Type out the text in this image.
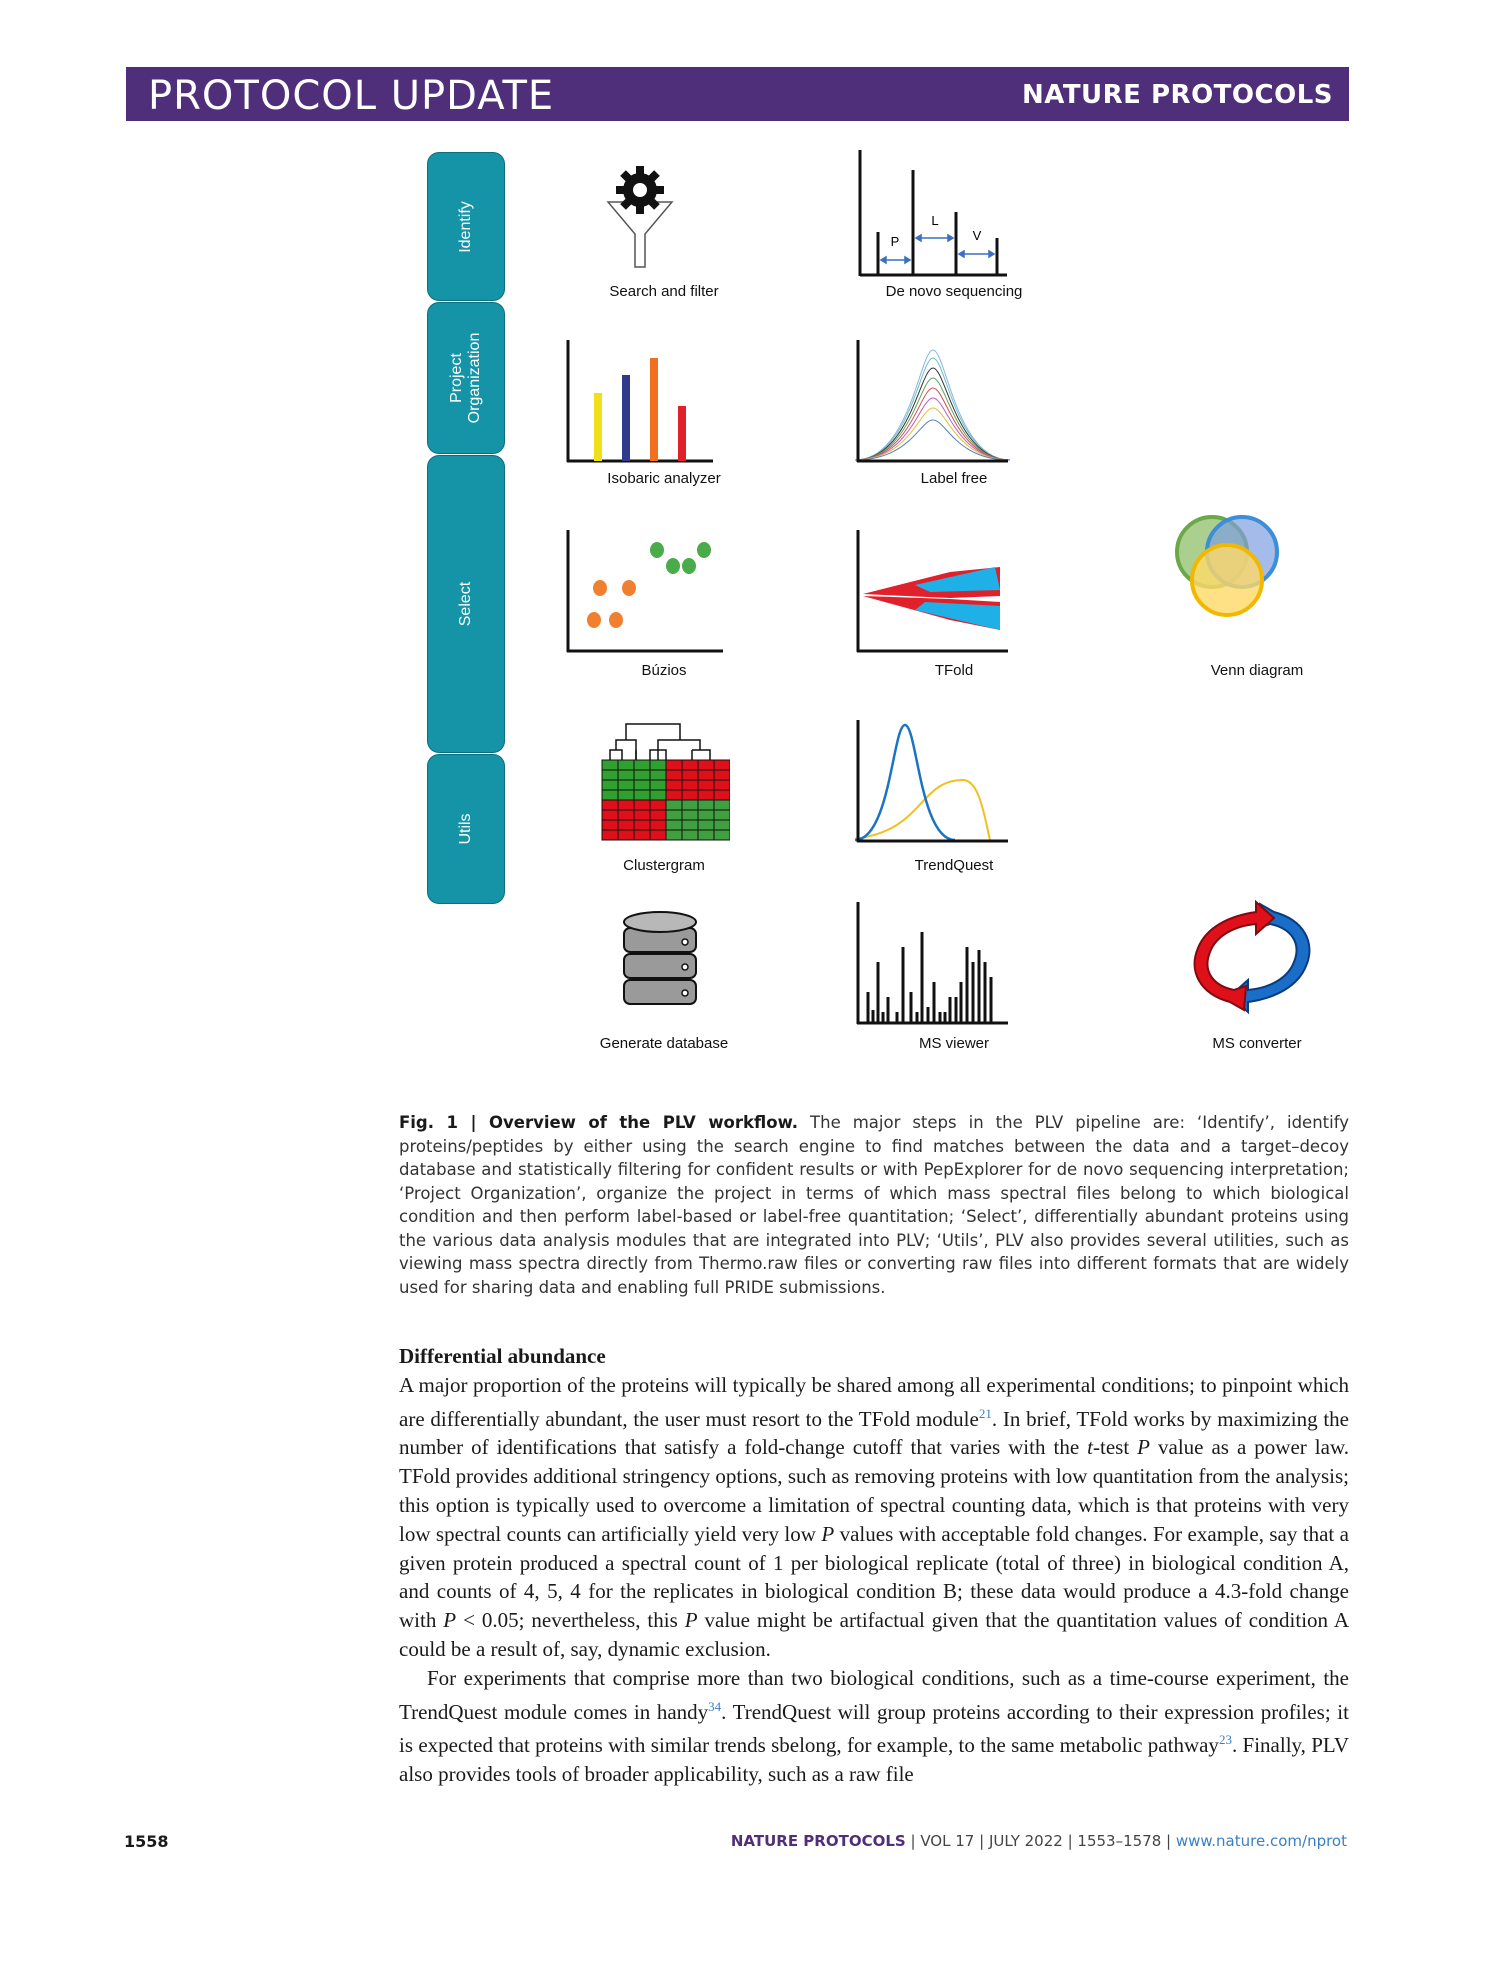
PROTOCOL UPDATE	NATURE PROTOCOLS
Identify
Project
Organization
Select
Utils
Search and filter
P
L
V
De novo sequencing
Isobaric analyzer	Label free
Búzios	TFold	Venn diagram
Clustergram	TrendQuest
Generate database	MS viewer	MS converter
Fig. 1 | Overview of the PLV workflow. The major steps in the PLV pipeline are: ‘Identify’, identify proteins/peptides by either using the search engine to find matches between the data and a target–decoy database and statistically filtering for confident results or with PepExplorer for de novo sequencing interpretation; ‘Project Organization’, organize the project in terms of which mass spectral files belong to which biological condition and then perform label-based or label-free quantitation; ‘Select’, differentially abundant proteins using the various data analysis modules that are integrated into PLV; ‘Utils’, PLV also provides several utilities, such as viewing mass spectra directly from Thermo.raw files or converting raw files into different formats that are widely used for sharing data and enabling full PRIDE submissions.
Differential abundance

A major proportion of the proteins will typically be shared among all experimental conditions; to pinpoint which are differentially abundant, the user must resort to the TFold module$^{21}$. In brief, TFold works by maximizing the number of identifications that satisfy a fold-change cutoff that varies with the t-test P value as a power law. TFold provides additional stringency options, such as removing proteins with low quantitation from the analysis; this option is typically used to overcome a limitation of spectral counting data, which is that proteins with very low spectral counts can artificially yield very low P values with acceptable fold changes. For example, say that a given protein produced a spectral count of 1 per biological replicate (total of three) in biological condition A, and counts of 4, 5, 4 for the replicates in biological condition B; these data would produce a 4.3-fold change with P < 0.05; nevertheless, this P value might be artifactual given that the quantitation values of condition A could be a result of, say, dynamic exclusion.

For experiments that comprise more than two biological conditions, such as a time-course experiment, the TrendQuest module comes in handy$^{34}$. TrendQuest will group proteins according to their expression profiles; it is expected that proteins with similar trends sbelong, for example, to the same metabolic pathway$^{23}$. Finally, PLV also provides tools of broader applicability, such as a raw file

1558	NATURE PROTOCOLS | VOL 17 | JULY 2022 | 1553–1578 | www.nature.com/nprot
